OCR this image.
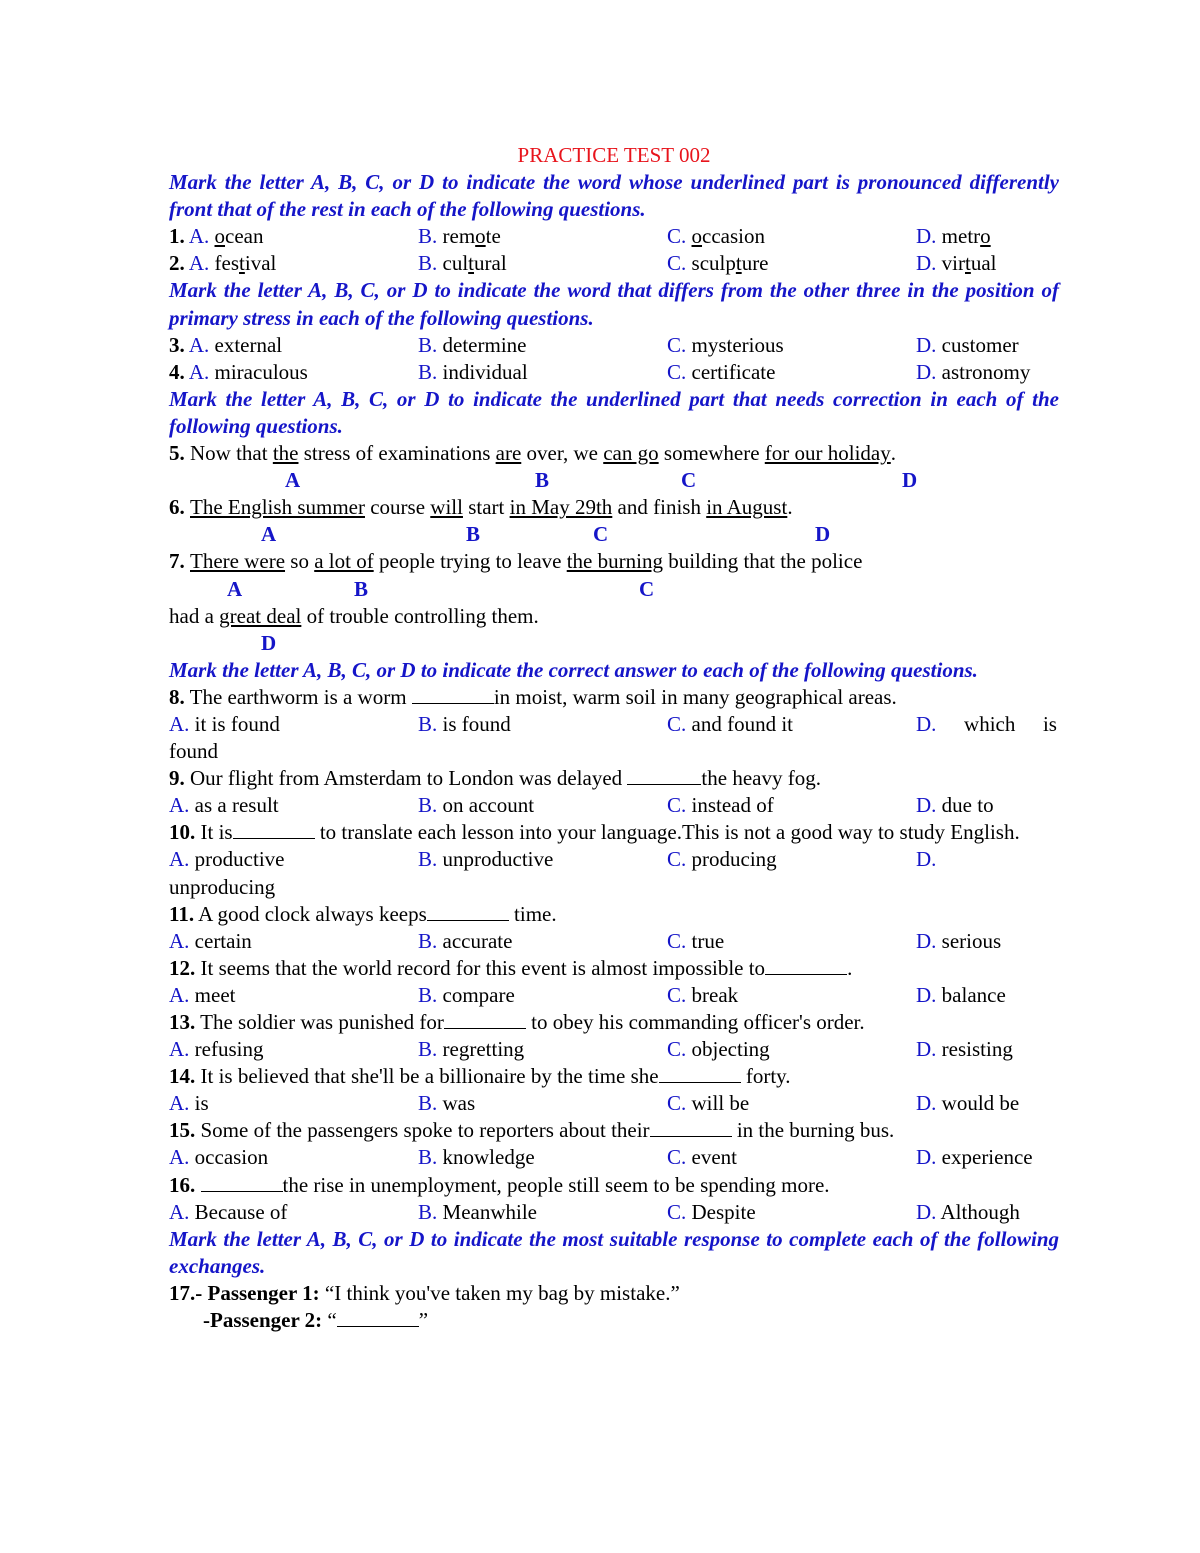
PRACTICE TEST 002
Mark the letter A, B, C, or D to indicate the word whose underlined part is pronounced differently front that of the rest in each of the following questions.
1. A. ocean	B. remote	C. occasion	D. metro
2. A. festival	B. cultural	C. sculpture	D. virtual
Mark the letter A, B, C, or D to indicate the word that differs from the other three in the position of primary stress in each of the following questions.
3. A. external	B. determine	C. mysterious	D. customer
4. A. miraculous	B. individual	C. certificate	D. astronomy
Mark the letter A, B, C, or D to indicate the underlined part that needs correction in each of the following questions.
5. Now that the stress of examinations are over, we can go somewhere for our holiday .
A	B	C	D
6.
The English summer course will start in May 29th and finish in August .
A	B	C	D
7.
There were so a lot of people trying to leave the burning building that the police
A	B	C
had a great deal of trouble controlling them.
D
Mark the letter A, B, C, or D to indicate the correct answer to each of the following questions.
8. The earthworm is a worm	in moist, warm soil in many geographical areas.
A. it is found	B. is found	C. and found it	D. which is
found
9. Our flight from Amsterdam to London was delayed	the heavy fog.
A. as a result	B. on account	C. instead of	D. due to
10. It is	to translate each lesson into your language.This is not a good way to study English.
A. productive	B. unproductive	C. producing	D.
unproducing
11. A good clock always keeps	time.
A. certain	B. accurate	C. true	D. serious
12. It seems that the world record for this event is almost impossible to	.
A. meet	B. compare	C. break	D. balance
13. The soldier was punished for	to obey his commanding officer's order.
A. refusing	B. regretting	C. objecting	D. resisting
14. It is believed that she'll be a billionaire by the time she	forty.
A. is	B. was	C. will be	D. would be
15. Some of the passengers spoke to reporters about their	in the burning bus.
A. occasion	B. knowledge	C. event	D. experience
16.
	the rise in unemployment, people still seem to be spending more.
A. Because of	B. Meanwhile	C. Despite	D. Although
Mark the letter A, B, C, or D to indicate the most suitable response to complete each of the following exchanges.
17. - Passenger 1:
“I think you've taken my bag by mistake.”
-Passenger 2: “	”
